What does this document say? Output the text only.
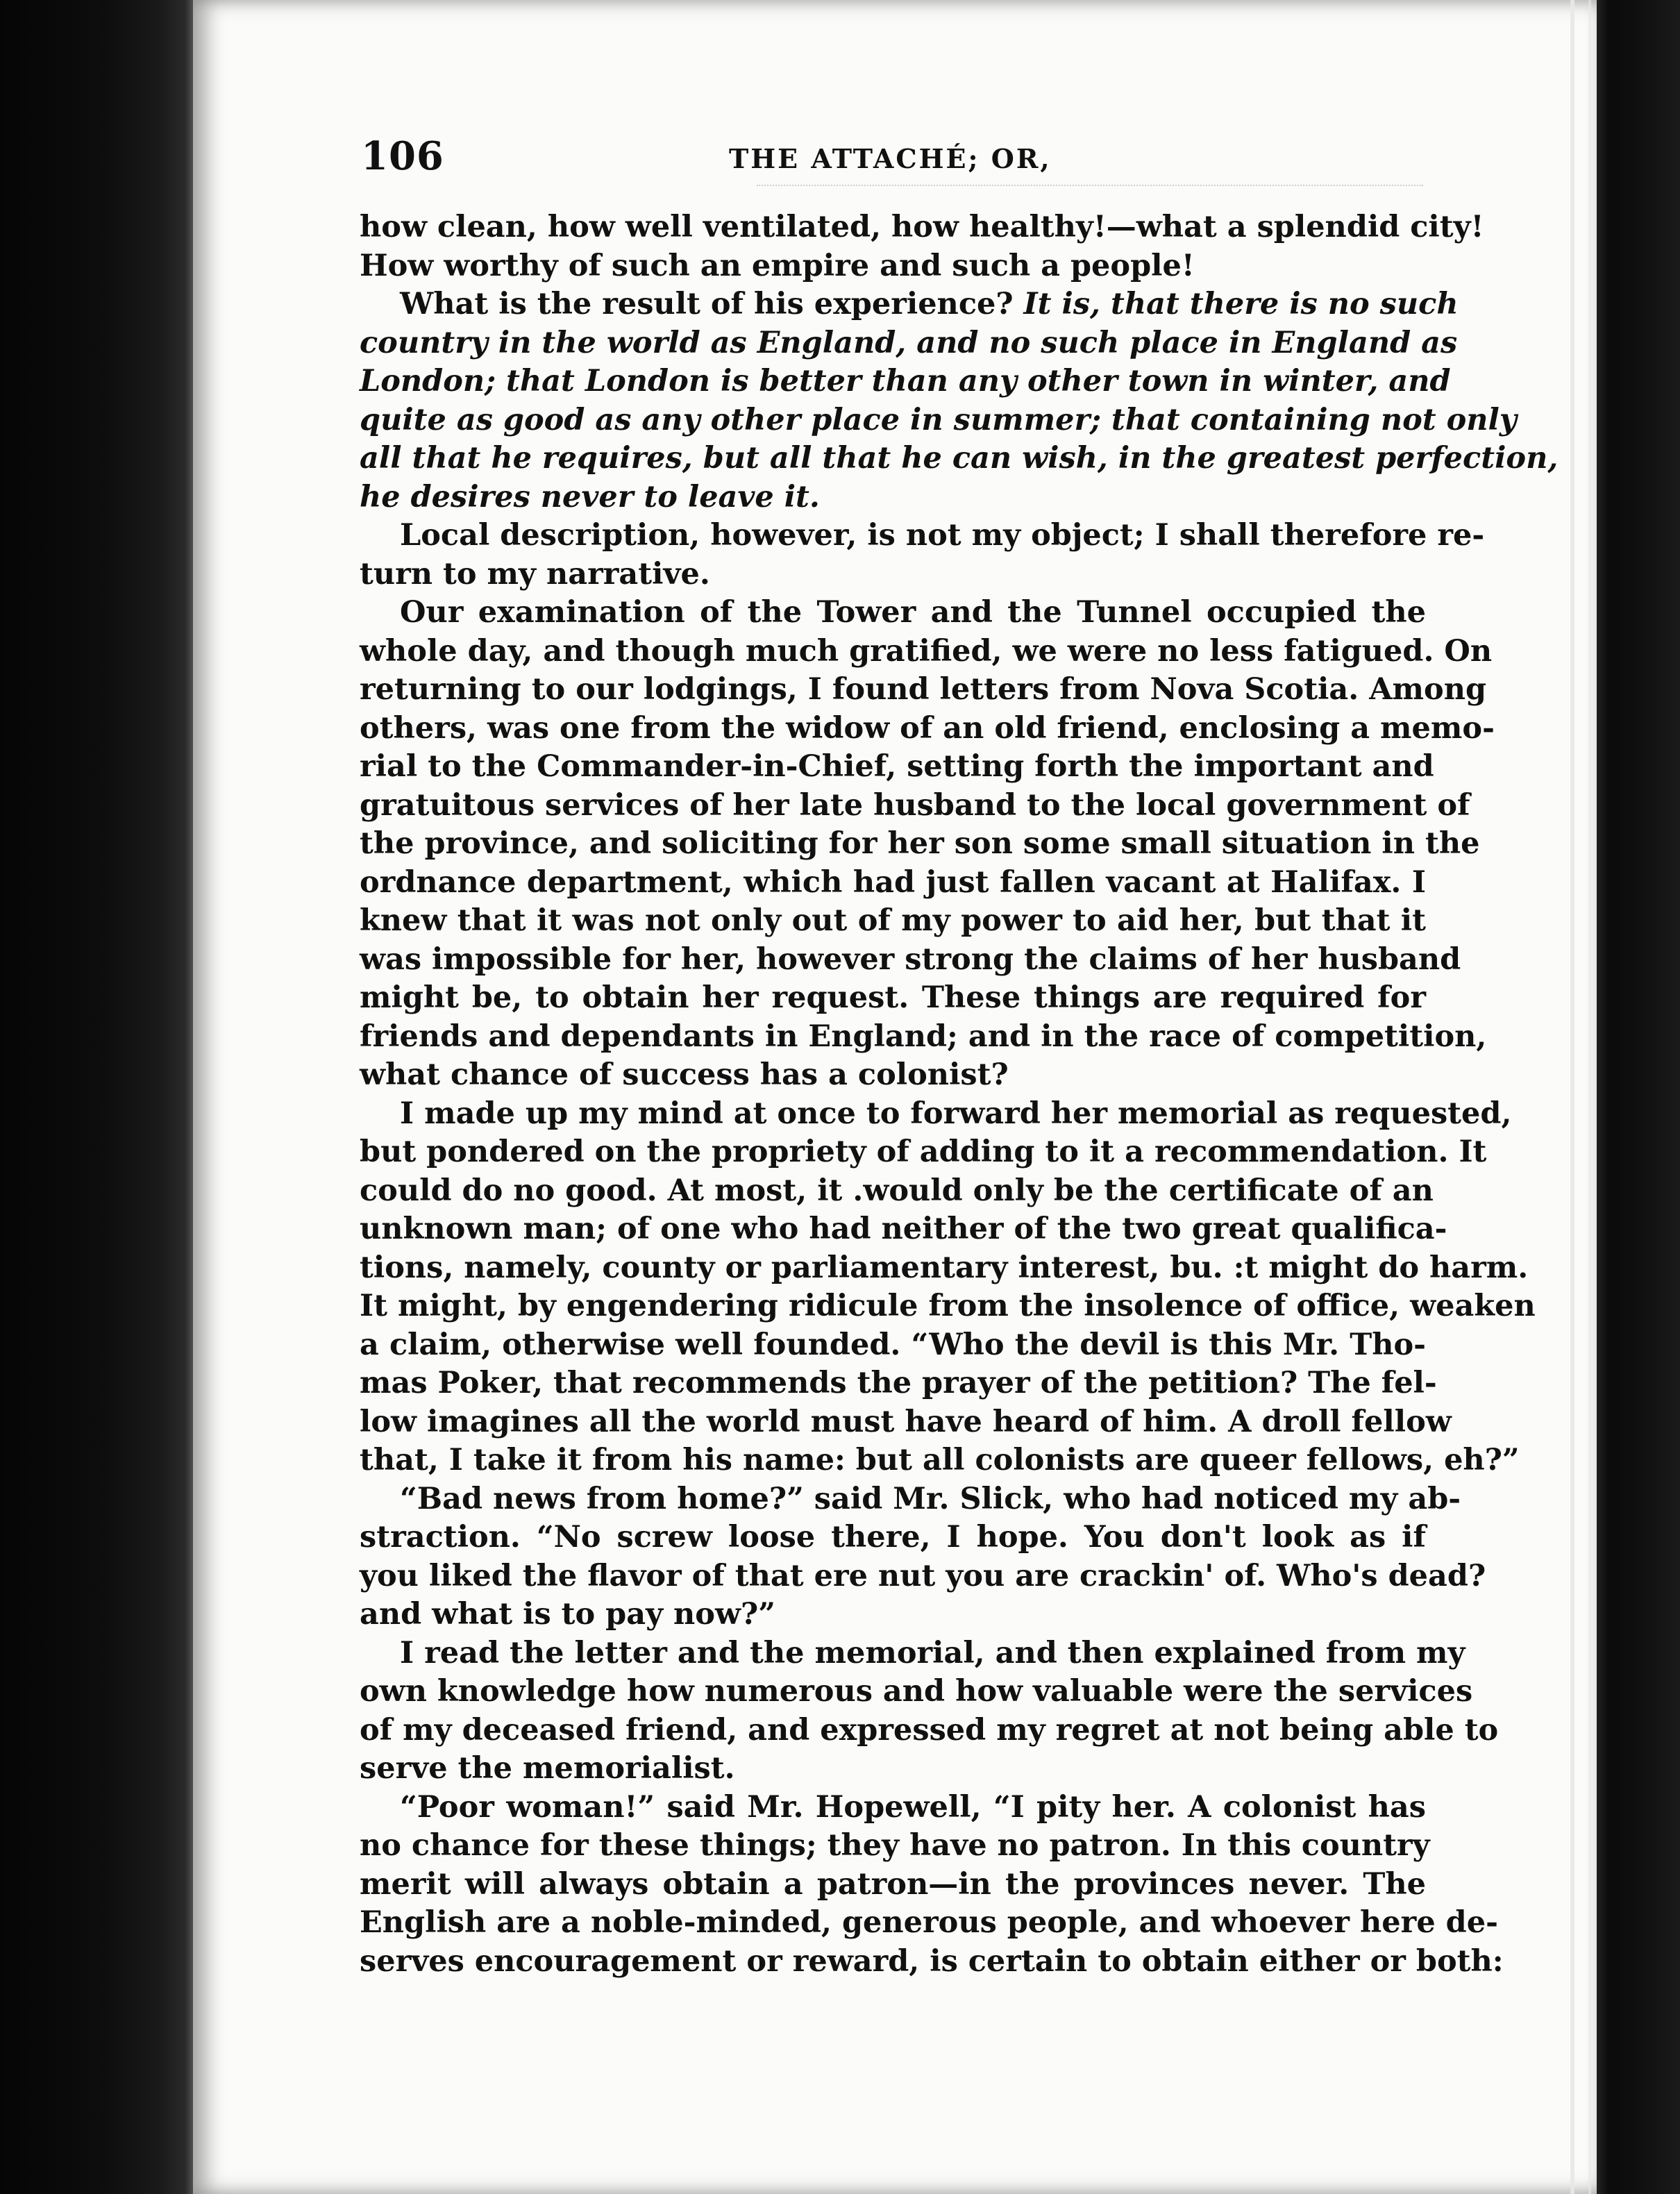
106	THE ATTACHÉ; OR,
how clean, how well ventilated, how healthy!—what a splendid city!
How worthy of such an empire and such a people!
What is the result of his experience? It is, that there is no such
country in the world as England, and no such place in England as
London; that London is better than any other town in winter, and
quite as good as any other place in summer; that containing not only
all that he requires, but all that he can wish, in the greatest perfection,
he desires never to leave it.
Local description, however, is not my object; I shall therefore re-
turn to my narrative.
Our examination of the Tower and the Tunnel occupied the
whole day, and though much gratified, we were no less fatigued. On
returning to our lodgings, I found letters from Nova Scotia. Among
others, was one from the widow of an old friend, enclosing a memo-
rial to the Commander-in-Chief, setting forth the important and
gratuitous services of her late husband to the local government of
the province, and soliciting for her son some small situation in the
ordnance department, which had just fallen vacant at Halifax. I
knew that it was not only out of my power to aid her, but that it
was impossible for her, however strong the claims of her husband
might be, to obtain her request. These things are required for
friends and dependants in England; and in the race of competition,
what chance of success has a colonist?
I made up my mind at once to forward her memorial as requested,
but pondered on the propriety of adding to it a recommendation. It
could do no good. At most, it .would only be the certificate of an
unknown man; of one who had neither of the two great qualifica-
tions, namely, county or parliamentary interest, bu. :t might do harm.
It might, by engendering ridicule from the insolence of office, weaken
a claim, otherwise well founded. “Who the devil is this Mr. Tho-
mas Poker, that recommends the prayer of the petition? The fel-
low imagines all the world must have heard of him. A droll fellow
that, I take it from his name: but all colonists are queer fellows, eh?”
“Bad news from home?” said Mr. Slick, who had noticed my ab-
straction. “No screw loose there, I hope. You don't look as if
you liked the flavor of that ere nut you are crackin' of. Who's dead?
and what is to pay now?”
I read the letter and the memorial, and then explained from my
own knowledge how numerous and how valuable were the services
of my deceased friend, and expressed my regret at not being able to
serve the memorialist.
“Poor woman!” said Mr. Hopewell, “I pity her. A colonist has
no chance for these things; they have no patron. In this country
merit will always obtain a patron—in the provinces never. The
English are a noble-minded, generous people, and whoever here de-
serves encouragement or reward, is certain to obtain either or both:
